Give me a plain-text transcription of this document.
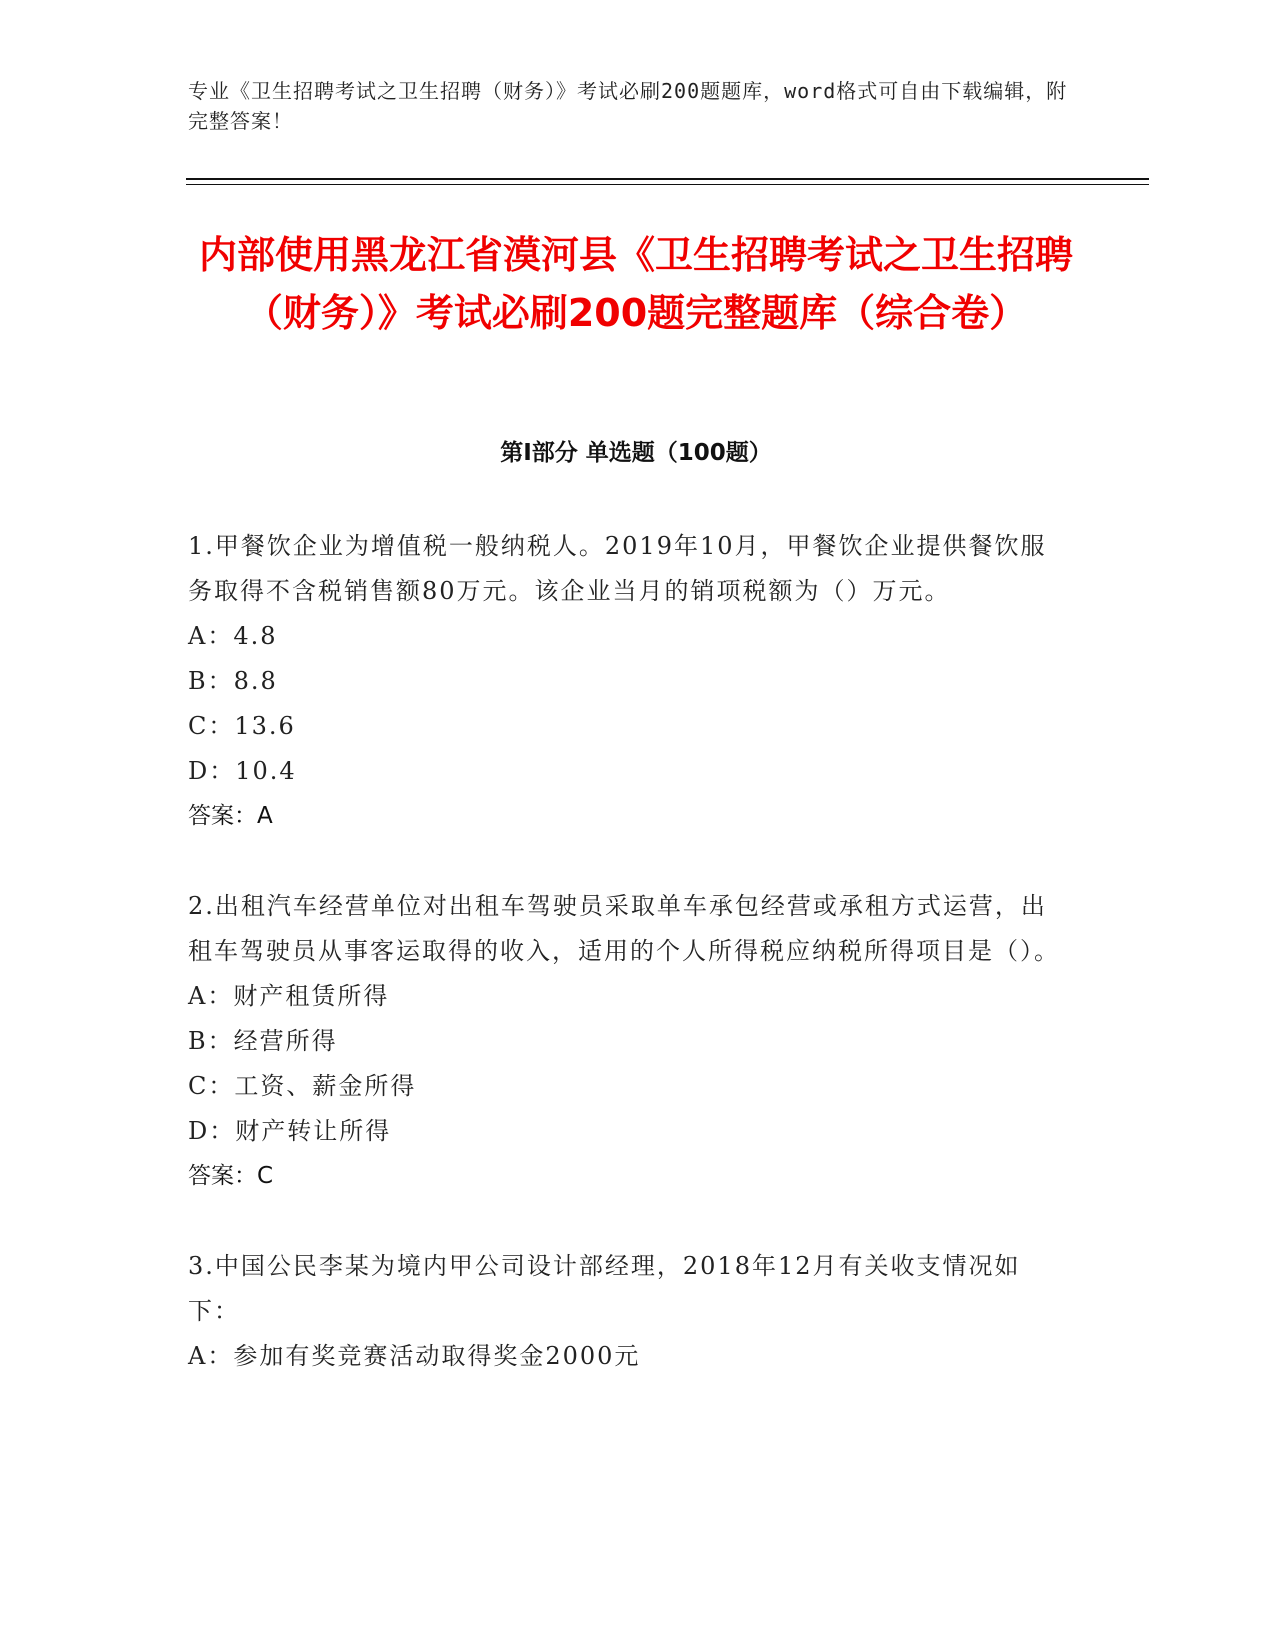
专业《卫生招聘考试之卫生招聘（财务）》考试必刷200题题库，word格式可自由下载编辑，附完整答案！
内部使用黑龙江省漠河县《卫生招聘考试之卫生招聘（财务）》考试必刷200题完整题库（综合卷）
第I部分 单选题（100题）
1.甲餐饮企业为增值税一般纳税人。2019年10月，甲餐饮企业提供餐饮服务取得不含税销售额80万元。该企业当月的销项税额为（）万元。
A：4.8
B：8.8
C：13.6
D：10.4
答案：A
2.出租汽车经营单位对出租车驾驶员采取单车承包经营或承租方式运营，出租车驾驶员从事客运取得的收入，适用的个人所得税应纳税所得项目是（）。
A：财产租赁所得
B：经营所得
C：工资、薪金所得
D：财产转让所得
答案：C
3.中国公民李某为境内甲公司设计部经理，2018年12月有关收支情况如下：
A：参加有奖竞赛活动取得奖金2000元
